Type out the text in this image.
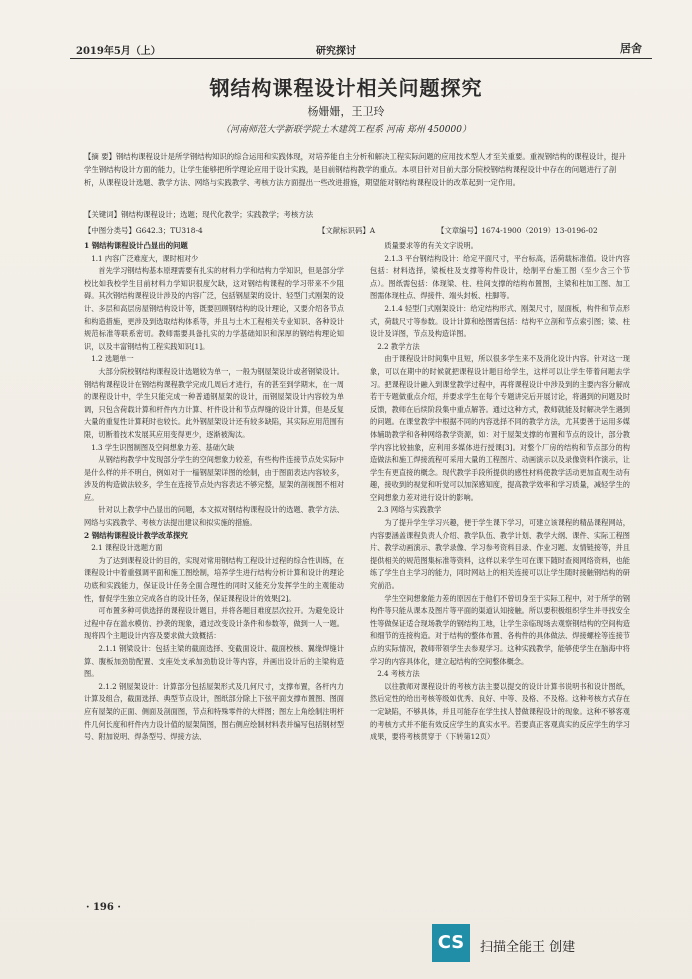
2019年5月（上）	研究探讨	居舍
钢结构课程设计相关问题探究
杨姗姗，王卫玲
（河南师范大学新联学院土木建筑工程系 河南 郑州 450000）
【摘 要】钢结构课程设计是所学钢结构知识的综合运用和实践体现，对培养能自主分析和解决工程实际问题的应用技术型人才至关重要。重视钢结构的课程设计，提升学生钢结构设计方面的能力，让学生能够把所学理论应用于设计实践，是目前钢结构教学的重点。本项目针对目前大部分院校钢结构课程设计中存在的问题进行了剖析，从课程设计选题、教学方法、网络与实践教学、考核方法方面提出一些改进措施，期望能对钢结构课程设计的改革起到一定作用。
【关键词】钢结构课程设计；选题；现代化教学；实践教学；考核方法
【中图分类号】G642.3；TU318-4	【文献标识码】A	【文章编号】1674-1900（2019）13-0196-02
1 钢结构课程设计凸显出的问题
1.1 内容广泛难度大，课时相对少

首先学习钢结构基本原理需要有扎实的材料力学和结构力学知识，但是部分学校比如我校学生目前材料力学知识很度欠缺，这对钢结构课程的学习带来不少阻碍。其次钢结构课程设计涉及的内容广泛，包括钢屋架的设计、轻型门式刚架的设计、多层和高层房屋钢结构设计等，既要回顾钢结构的设计理论，又要介绍各节点和构造措施，更涉及到选取结构体系等，并且与土木工程相关专业知识、各种设计规范标准等联系密切。教师需要具备扎实的力学基础知识和深厚的钢结构理论知识，以及丰富钢结构工程实践知识[1]。

1.2 选题单一

大部分院校钢结构课程设计选题较为单一，一般为钢屋架设计或者钢梁设计。钢结构课程设计在钢结构课程教学完成几周后才进行，有的甚至到学期末，在一周的课程设计中，学生只能完成一种普通钢屋架的设计，而钢屋架设计内容较为单调，只包含荷载计算和杆件内力计算、杆件设计和节点焊缝的设计计算，但是反复大量的重复性计算耗时也较长。此外钢屋架设计还有较多缺陷，其实际应用范围有限，切断着技术发展其应用变得更少，逐渐被淘汰。

1.3 学生识图制图及空间想象力差、基础欠缺

从钢结构教学中发现部分学生的空间想象力较差，有些构件连接节点处实际中是什么样的并不明白，例如对于一榀钢屋架详图的绘制，由于图面表达内容较多，涉及的构造做法较多，学生在连接节点处内容表达不够完整，屋架的剖视图不相对应。

针对以上教学中凸显出的问题，本文拟对钢结构课程设计的选题、教学方法、网络与实践教学、考核方法提出建议和拟实施的措施。

2 钢结构课程设计教学改革探究
2.1 课程设计选题方面

为了达到课程设计的目的，实现对常用钢结构工程设计过程的综合性训练，在课程设计中着重强调平面和施工图绘制，培养学生进行结构分析计算和设计的理论功底和实践能力，保证设计任务全面合理性的同时又能充分发挥学生的主观能动性，督促学生独立完成各自的设计任务，保证课程设计的效果[2]。

可布置多种可供选择的课程设计题目，并将各题目难度层次拉开。为避免设计过程中存在滥水模仿、抄袭的现象，通过改变设计条件和参数等，做到一人一题。现将四个主题设计内容及要求做大致概括：

2.1.1 钢梁设计：包括主梁的截面选择、变截面设计、截面校核、翼缘焊缝计算、腹板加劲肋配置、支座处支承加劲肋设计等内容，并画出设计后的主梁构造图。

2.1.2 钢屋架设计：计算部分包括屋架形式及几何尺寸，支撑布置，各杆内力计算及组合，截面选择、典型节点设计，图纸部分除上下弦平面支撑布置图、图面应有屋架的正面、侧面及剖面图，节点和特殊零件的大样图；图左上角绘制注明杆件几何长度和杆件内力设计值的屋架简图，图右侧应绘制材料表并编写包括钢材型号、附加说明、焊条型号、焊接方法、

质量要求等的有关文字说明。

2.1.3 平台钢结构设计：给定平面尺寸，平台标高，活荷载标准值。设计内容包括：材料选择，梁板柱及支撑等构件设计，绘制平台施工图（至少含三个节点）。图纸需包括：体现梁、柱、柱间支撑的结构布置图，主梁和柱加工图、加工图需体现柱点、焊接件、端头封板、柱脚等。

2.1.4 轻型门式刚架设计：给定结构形式、刚架尺寸，屋面板，构件和节点形式，荷载尺寸等参数。设计计算和绘图需包括：结构平立剖和节点索引图；梁、柱设计及详图，节点及构造详图。

2.2 教学方法

由于课程设计时间集中且短，所以很多学生来不及消化设计内容。针对这一现象，可以在期中的时候就把课程设计题目给学生，这样可以让学生带着问题去学习。把课程设计融入到课堂教学过程中，再将课程设计中涉及到的主要内容分解成若干专题做重点介绍，并要求学生在每个专题讲完后开展讨论，将遇到的问题及时反馈，教师在后续阶段集中重点解答。通过这种方式，教师就能及时解决学生遇到的问题。在课堂教学中根据不同的内容选择不同的教学方法，尤其要善于运用多媒体辅助教学和各种网络教学资源，如：对于屋架支撑的布置和节点的设计，部分教学内容比较抽象，应利用多媒体进行授课[3]。对整个厂房的结构和节点部分的构造做法和施工焊接流程可采用大量的工程图片、动画演示以及录像资料作演示，让学生有更直接的概念。现代教学手段所提供的感性材料使教学活动更加直观生动有趣，接收到的视觉和听觉可以加深感知度，提高教学效率和学习质量，减轻学生的空间想象力差对进行设计的影响。

2.3 网络与实践教学

为了提升学生学习兴趣，便于学生课下学习，可建立该课程的精品课程网站，内容要涵盖课程负责人介绍、教学队伍、教学计划、教学大纲、课件、实际工程图片、教学动画演示、教学录像、学习参考资料目录、作业习题、友情链接等，并且提供相关的规范图集标准等资料，这样以来学生可在课下随时查阅网络资料，也能练了学生自主学习的能力，同时网站上的相关连接可以让学生随时接触钢结构的研究前沿。

学生空间想象能力差的原因在于他们不曾切身至于实际工程中，对于所学的钢构件等只能从课本及图片等平面的渠道认知接触。所以要积极组织学生并寻找安全性等做保证适合现场教学的钢结构工地，让学生亲临现场去观察钢结构的空间构造和细节的连接构造。对于结构的整体布置、各构件的具体做法、焊接螺栓等连接节点的实际情况，教师带领学生去参观学习。这种实践教学，能够使学生在脑海中将学习的内容具体化，建立起结构的空间整体概念。

2.4 考核方法

以往教师对课程设计的考核方法主要以提交的设计计算书说明书和设计图纸，然后定性的给出考核等级如优秀、良好、中等、及格、不及格。这种考核方式存在一定缺陷，不够具体，并且可能存在学生找人替做课程设计的现象。这种不够客观的考核方式并不能有效反应学生的真实水平。若要真正客观真实的反应学生的学习成果，要将考核贯穿于（下转第12页）

· 196 ·
CS	扫描全能王 创建
